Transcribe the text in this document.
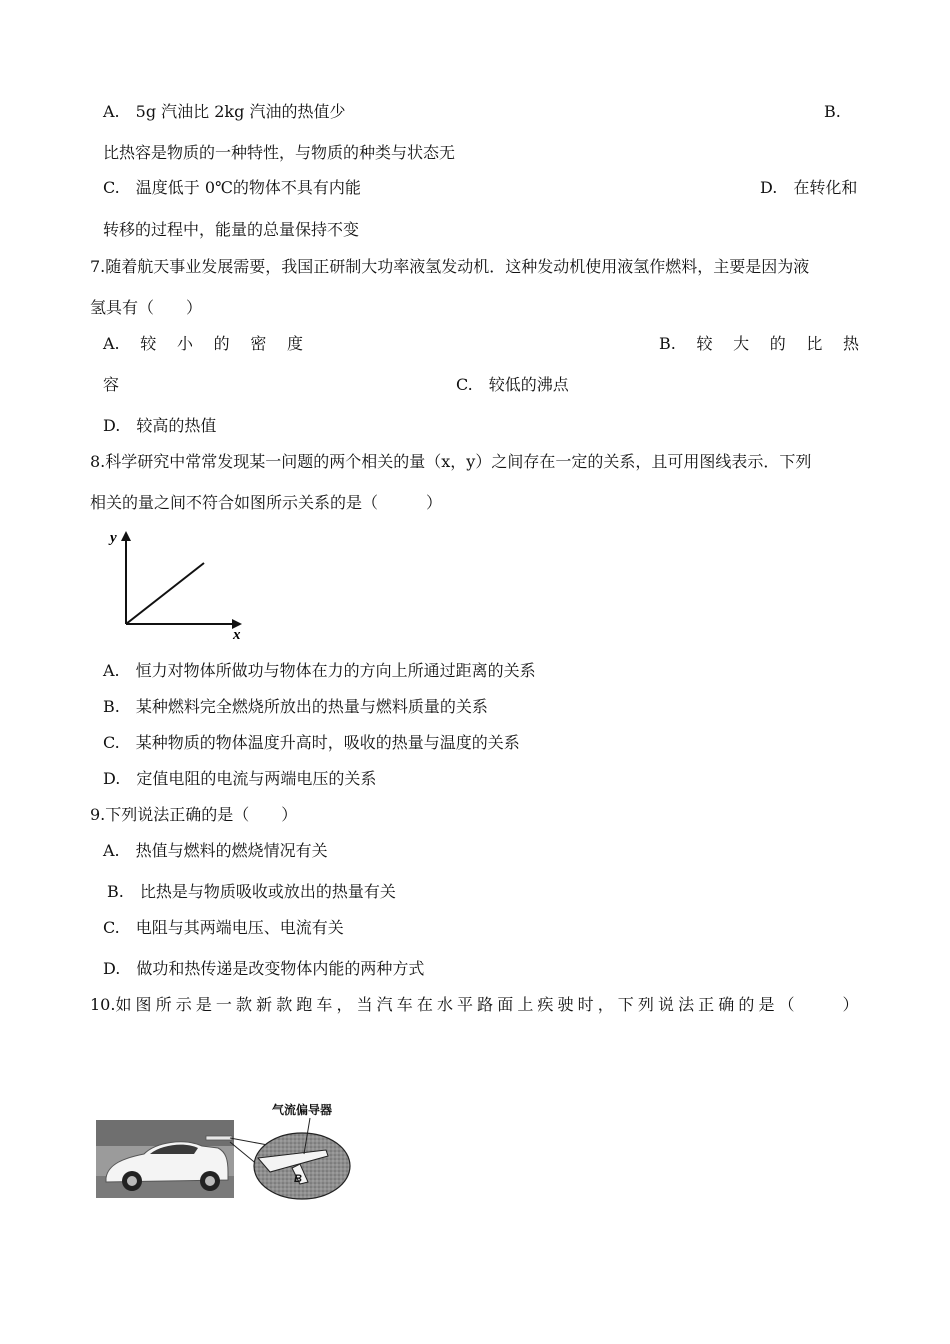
A. 5g 汽油比 2kg 汽油的热值少	B.
比热容是物质的一种特性，与物质的种类与状态无
C. 温度低于 0℃的物体不具有内能	D. 在转化和
转移的过程中，能量的总量保持不变
7.随着航天事业发展需要，我国正研制大功率液氢发动机．这种发动机使用液氢作燃料，主要是因为液
氢具有（　　）
A. 较 小 的 密 度	B. 较 大 的 比 热
容	C. 较低的沸点
D. 较高的热值
8.科学研究中常常发现某一问题的两个相关的量（x，y）之间存在一定的关系，且可用图线表示．下列
相关的量之间不符合如图所示关系的是（　　　）
y
x
A. 恒力对物体所做功与物体在力的方向上所通过距离的关系
B. 某种燃料完全燃烧所放出的热量与燃料质量的关系
C. 某种物质的物体温度升高时，吸收的热量与温度的关系
D. 定值电阻的电流与两端电压的关系
9.下列说法正确的是（　　）
A. 热值与燃料的燃烧情况有关
B. 比热是与物质吸收或放出的热量有关
C. 电阻与其两端电压、电流有关
D. 做功和热传递是改变物体内能的两种方式
10.如 图 所 示 是 一 款 新 款 跑 车 ， 当 汽 车 在 水 平 路 面 上 疾 驶 时 ， 下 列 说 法 正 确 的 是 （　　　）
气流偏导器
B
